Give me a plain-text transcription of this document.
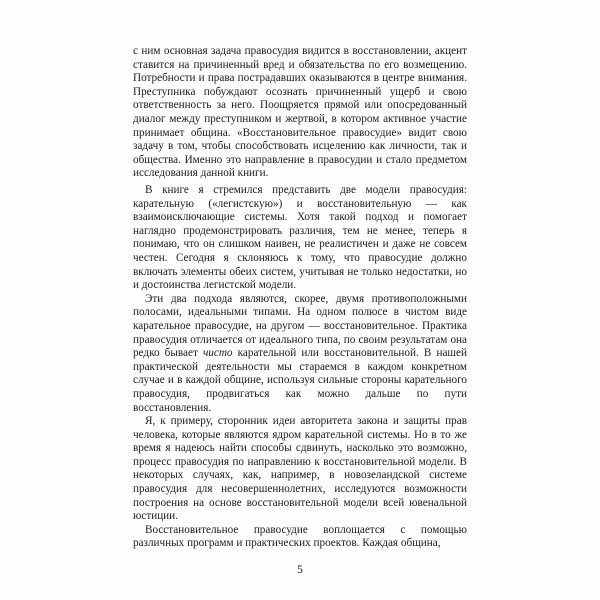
с ним основная задача правосудия видится в восстановлении, акцент ставится на причиненный вред и обязательства по его возмещению. Потребности и права пострадавших оказываются в центре внимания. Преступника побуждают осознать причиненный ущерб и свою ответственность за него. Поощряется прямой или опосредованный диалог между преступником и жертвой, в котором активное участие принимает община. «Восстановительное правосудие» видит свою задачу в том, чтобы способствовать исцелению как личности, так и общества. Именно это направление в правосудии и стало предметом исследования данной книги.

В книге я стремился представить две модели правосудия: карательную («легистскую») и восстановительную — как взаимоисключающие системы. Хотя такой подход и помогает наглядно продемонстрировать различия, тем не менее, теперь я понимаю, что он слишком наивен, не реалистичен и даже не совсем честен. Сегодня я склоняюсь к тому, что правосудие должно включать элементы обеих систем, учитывая не только недостатки, но и достоинства легистской модели.

Эти два подхода являются, скорее, двумя противоположными полосами, идеальными типами. На одном полюсе в чистом виде карательное правосудие, на другом — восстановительное. Практика правосудия отличается от идеального типа, по своим результатам она редко бывает чисто карательной или восстановительной. В нашей практической деятельности мы стараемся в каждом конкретном случае и в каждой общине, используя сильные стороны карательного правосудия, продвигаться как можно дальше по пути восстановления.

Я, к примеру, сторонник идеи авторитета закона и защиты прав человека, которые являются ядром карательной системы. Но в то же время я надеюсь найти способы сдвинуть, насколько это возможно, процесс правосудия по направлению к восстановительной модели. В некоторых случаях, как, например, в новозеландской системе правосудия для несовершеннолетних, исследуются возможности построения на основе восстановительной модели всей ювенальной юстиции.

Восстановительное правосудие воплощается с помощью различных программ и практических проектов. Каждая община,

5
